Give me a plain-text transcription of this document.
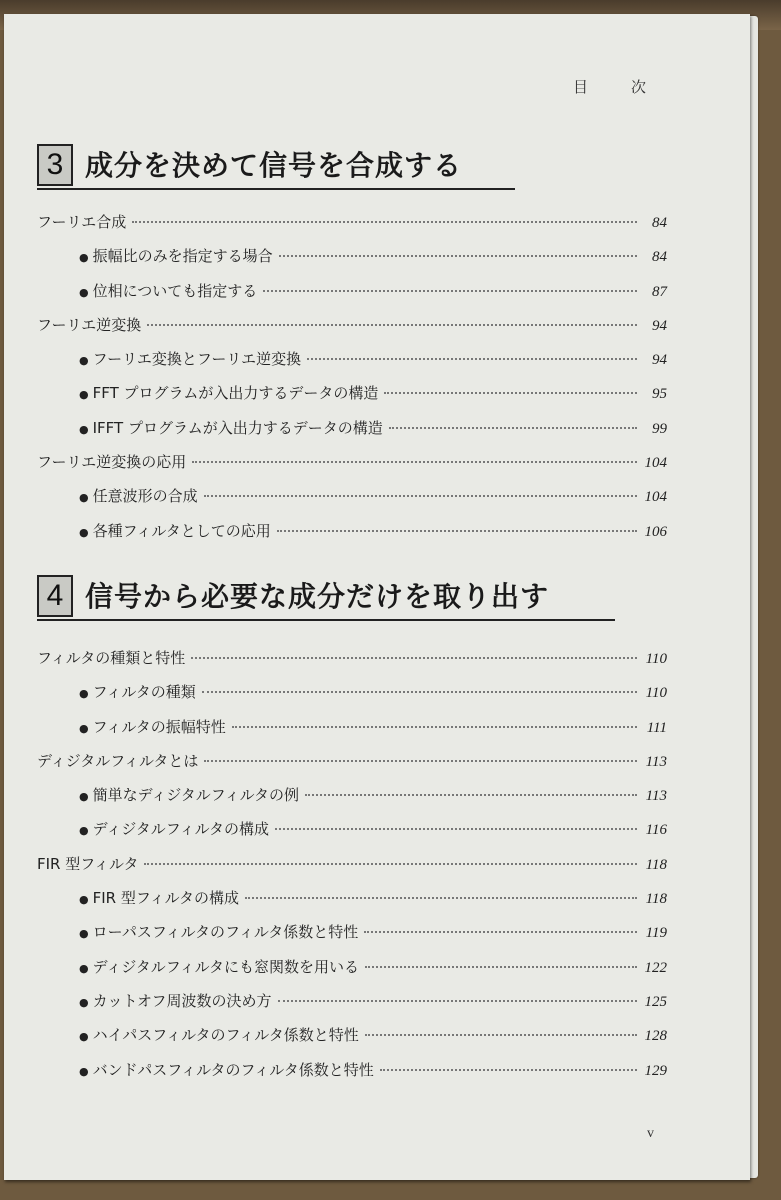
目　次
3 成分を決めて信号を合成する
フーリエ合成	84
● 振幅比のみを指定する場合	84
● 位相についても指定する	87
フーリエ逆変換	94
● フーリエ変換とフーリエ逆変換	94
● FFT プログラムが入出力するデータの構造	95
● IFFT プログラムが入出力するデータの構造	99
フーリエ逆変換の応用	104
● 任意波形の合成	104
● 各種フィルタとしての応用	106
4 信号から必要な成分だけを取り出す
フィルタの種類と特性	110
● フィルタの種類	110
● フィルタの振幅特性	111
ディジタルフィルタとは	113
● 簡単なディジタルフィルタの例	113
● ディジタルフィルタの構成	116
FIR 型フィルタ	118
● FIR 型フィルタの構成	118
● ローパスフィルタのフィルタ係数と特性	119
● ディジタルフィルタにも窓関数を用いる	122
● カットオフ周波数の決め方	125
● ハイパスフィルタのフィルタ係数と特性	128
● バンドパスフィルタのフィルタ係数と特性	129
v
